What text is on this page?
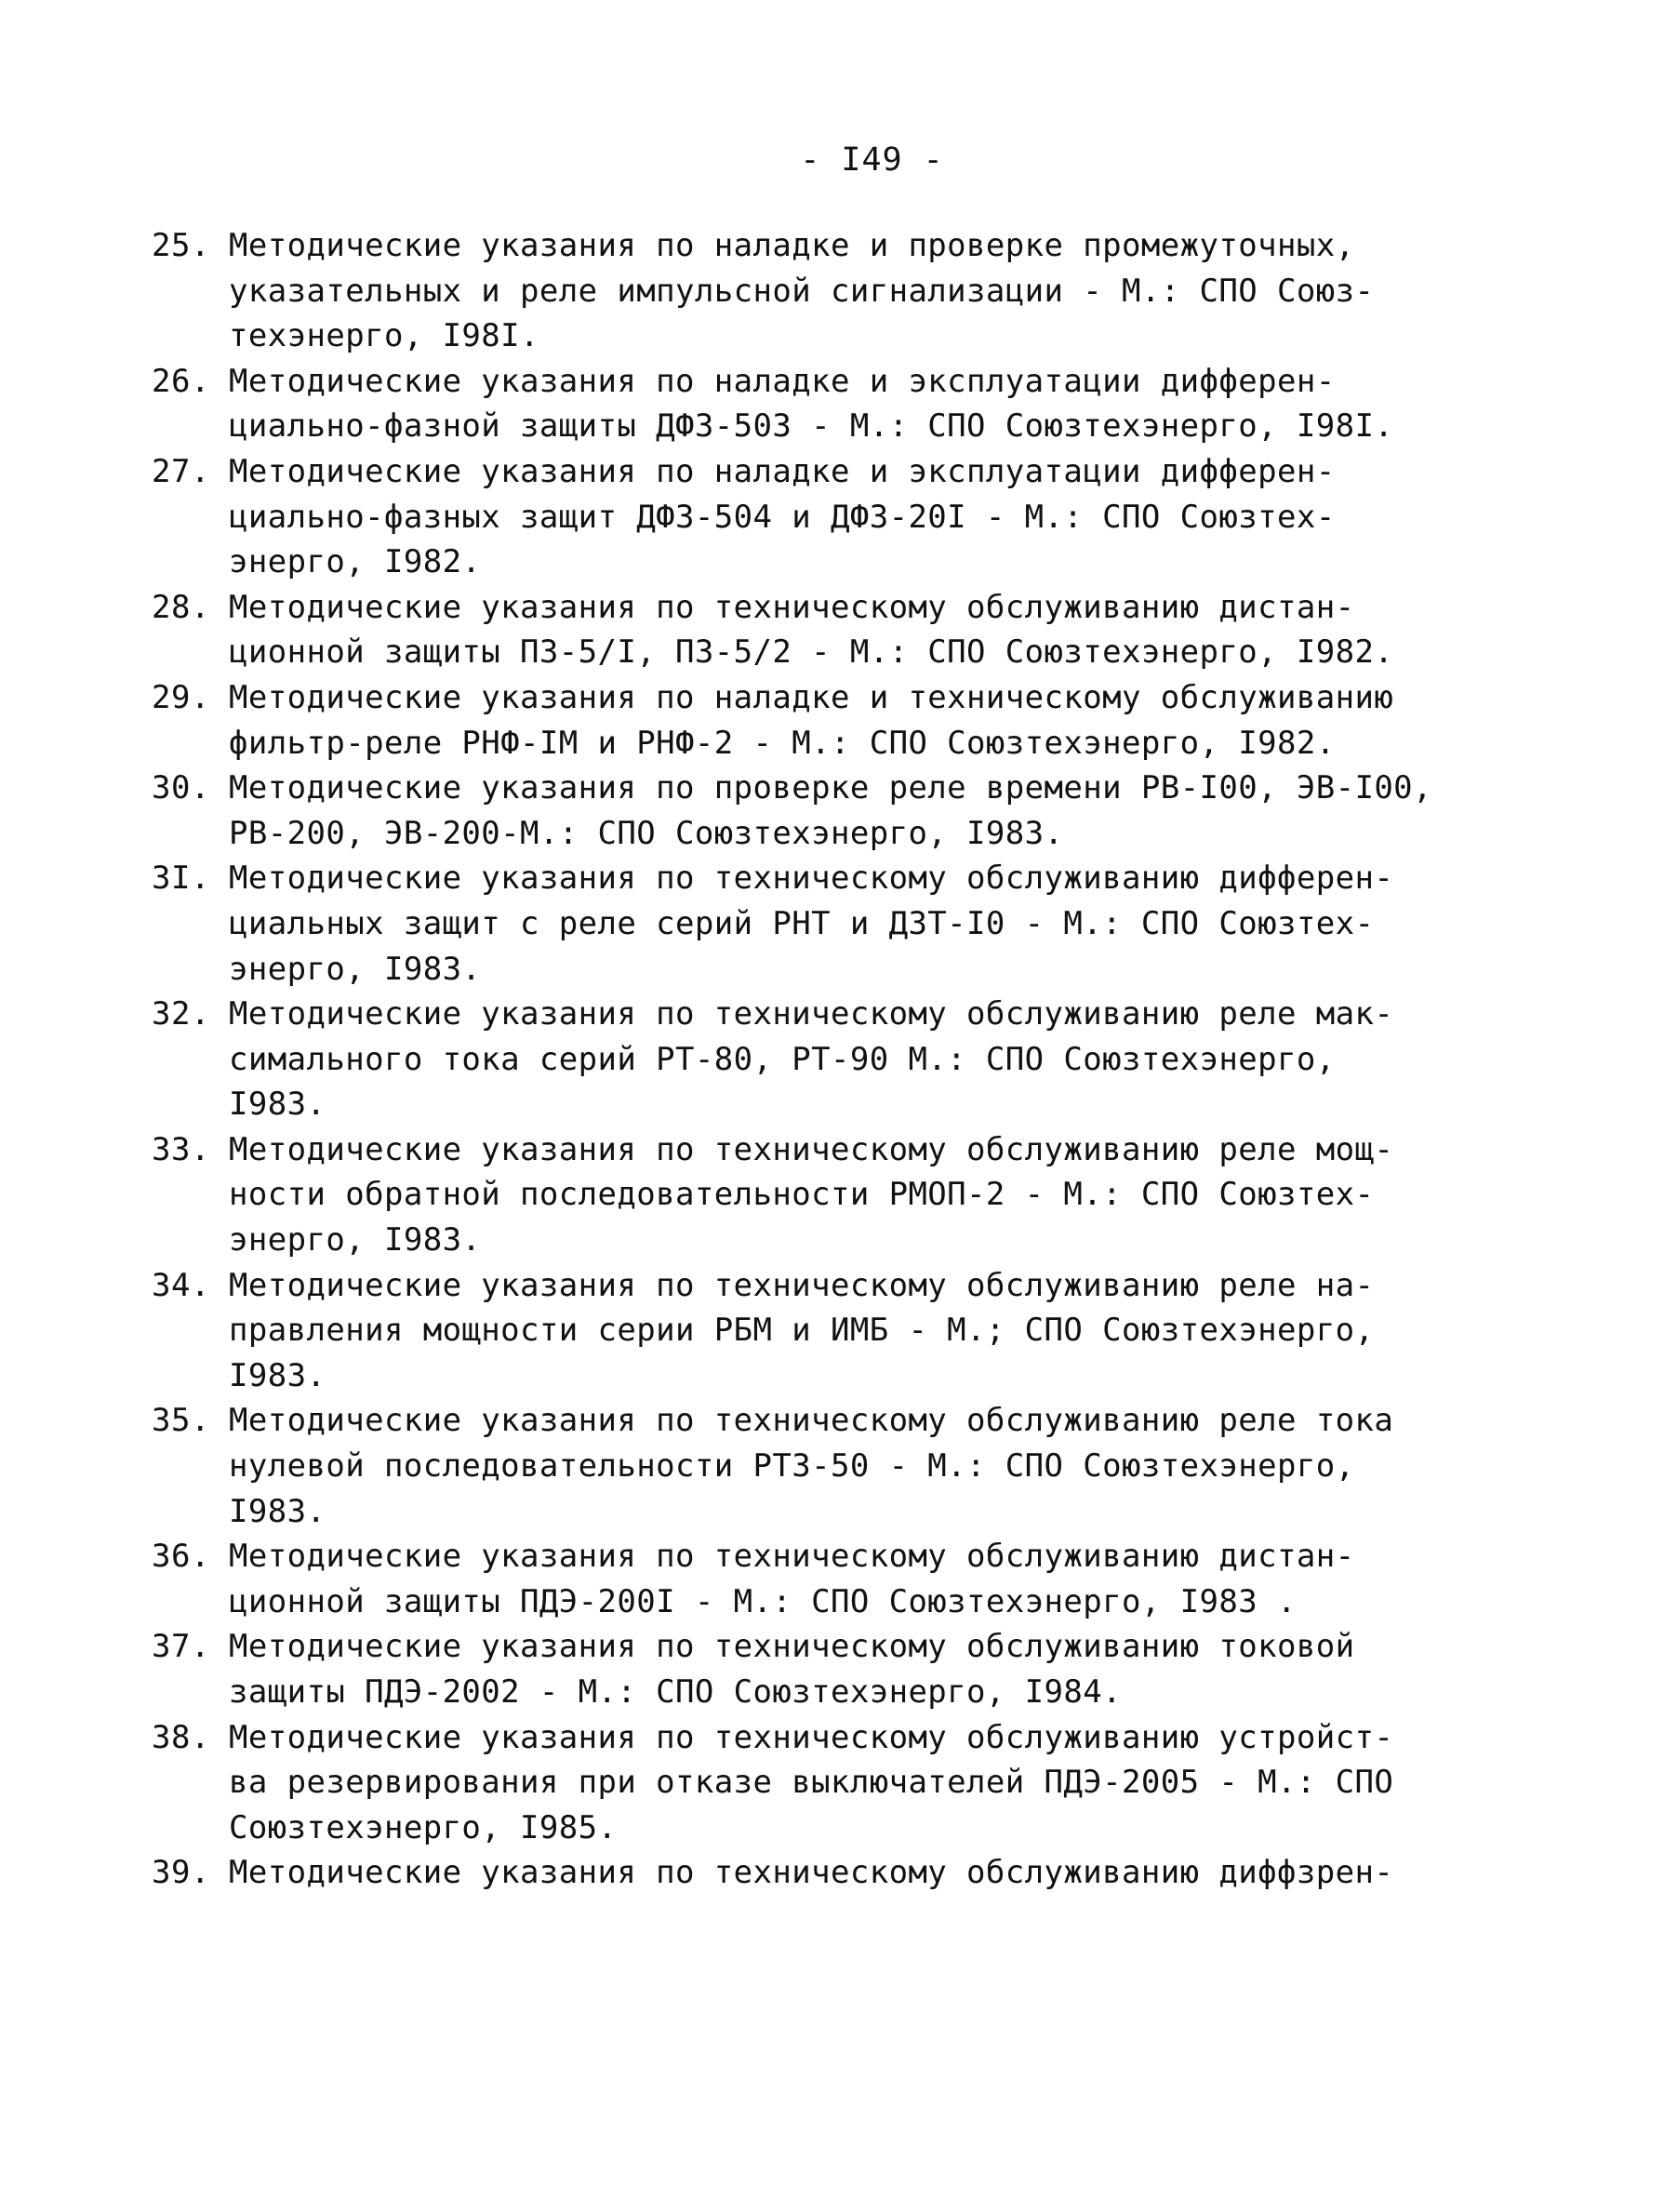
- I49 -
25. Методические указания по наладке и проверке промежуточных,
указательных и реле импульсной сигнализации - М.: СПО Союз-
техэнерго, I98I.
26. Методические указания по наладке и эксплуатации дифферен-
циально-фазной защиты ДФЗ-503 - М.: СПО Союзтехэнерго, I98I.
27. Методические указания по наладке и эксплуатации дифферен-
циально-фазных защит ДФЗ-504 и ДФЗ-20I - М.: СПО Союзтех-
энерго, I982.
28. Методические указания по техническому обслуживанию дистан-
ционной защиты ПЗ-5/I, ПЗ-5/2 - М.: СПО Союзтехэнерго, I982.
29. Методические указания по наладке и техническому обслуживанию
фильтр-реле РНФ-IМ и РНФ-2 - М.: СПО Союзтехэнерго, I982.
30. Методические указания по проверке реле времени РВ-I00, ЭВ-I00,
РВ-200, ЭВ-200-М.: СПО Союзтехэнерго, I983.
3I. Методические указания по техническому обслуживанию дифферен-
циальных защит с реле серий РНТ и ДЗТ-I0 - М.: СПО Союзтех-
энерго, I983.
32. Методические указания по техническому обслуживанию реле мак-
симального тока серий РТ-80, РТ-90 М.: СПО Союзтехэнерго,
I983.
33. Методические указания по техническому обслуживанию реле мощ-
ности обратной последовательности РМОП-2 - М.: СПО Союзтех-
энерго, I983.
34. Методические указания по техническому обслуживанию реле на-
правления мощности серии РБМ и ИМБ - М.; СПО Союзтехэнерго,
I983.
35. Методические указания по техническому обслуживанию реле тока
нулевой последовательности РТЗ-50 - М.: СПО Союзтехэнерго,
I983.
36. Методические указания по техническому обслуживанию дистан-
ционной защиты ПДЭ-200I - М.: СПО Союзтехэнерго, I983 .
37. Методические указания по техническому обслуживанию токовой
защиты ПДЭ-2002 - М.: СПО Союзтехэнерго, I984.
38. Методические указания по техническому обслуживанию устройст-
ва резервирования при отказе выключателей ПДЭ-2005 - М.: СПО
Союзтехэнерго, I985.
39. Методические указания по техническому обслуживанию диффзрен-
